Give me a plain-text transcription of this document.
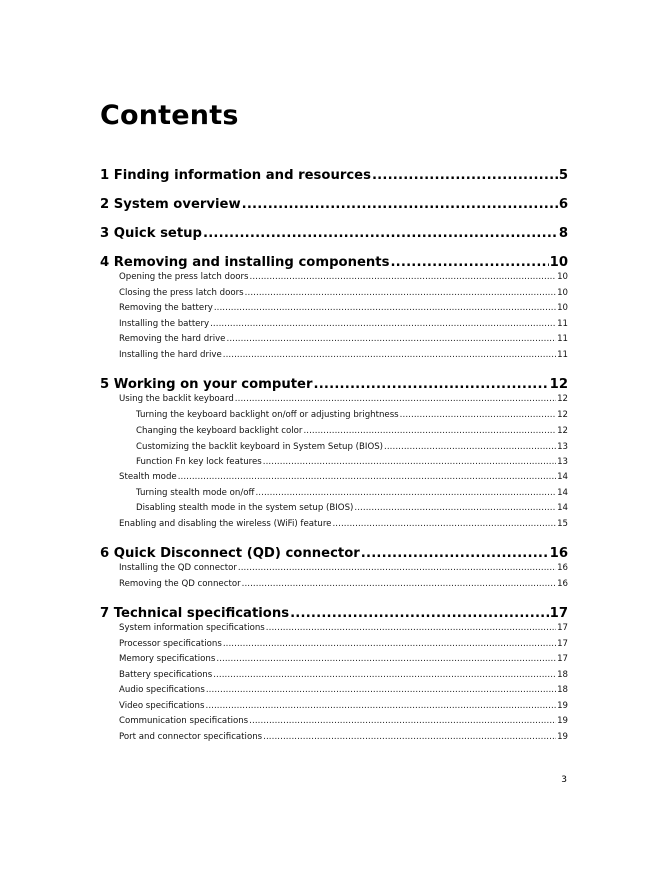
Contents
1 Finding information and resources .....	5
2 System overview .....	6
3 Quick setup .....	8
4 Removing and installing components .....	10
Opening the press latch doors .....	10
Closing the press latch doors .....	10
Removing the battery .....	10
Installing the battery .....	11
Removing the hard drive .....	11
Installing the hard drive .....	11
5 Working on your computer .....	12
Using the backlit keyboard .....	12
Turning the keyboard backlight on/off or adjusting brightness .....	12
Changing the keyboard backlight color .....	12
Customizing the backlit keyboard in System Setup (BIOS) .....	13
Function Fn key lock features .....	13
Stealth mode .....	14
Turning stealth mode on/off .....	14
Disabling stealth mode in the system setup (BIOS) .....	14
Enabling and disabling the wireless (WiFi) feature .....	15
6 Quick Disconnect (QD) connector .....	16
Installing the QD connector .....	16
Removing the QD connector .....	16
7 Technical specifications .....	17
System information specifications .....	17
Processor specifications .....	17
Memory specifications .....	17
Battery specifications .....	18
Audio specifications .....	18
Video specifications .....	19
Communication specifications .....	19
Port and connector specifications .....	19
3
